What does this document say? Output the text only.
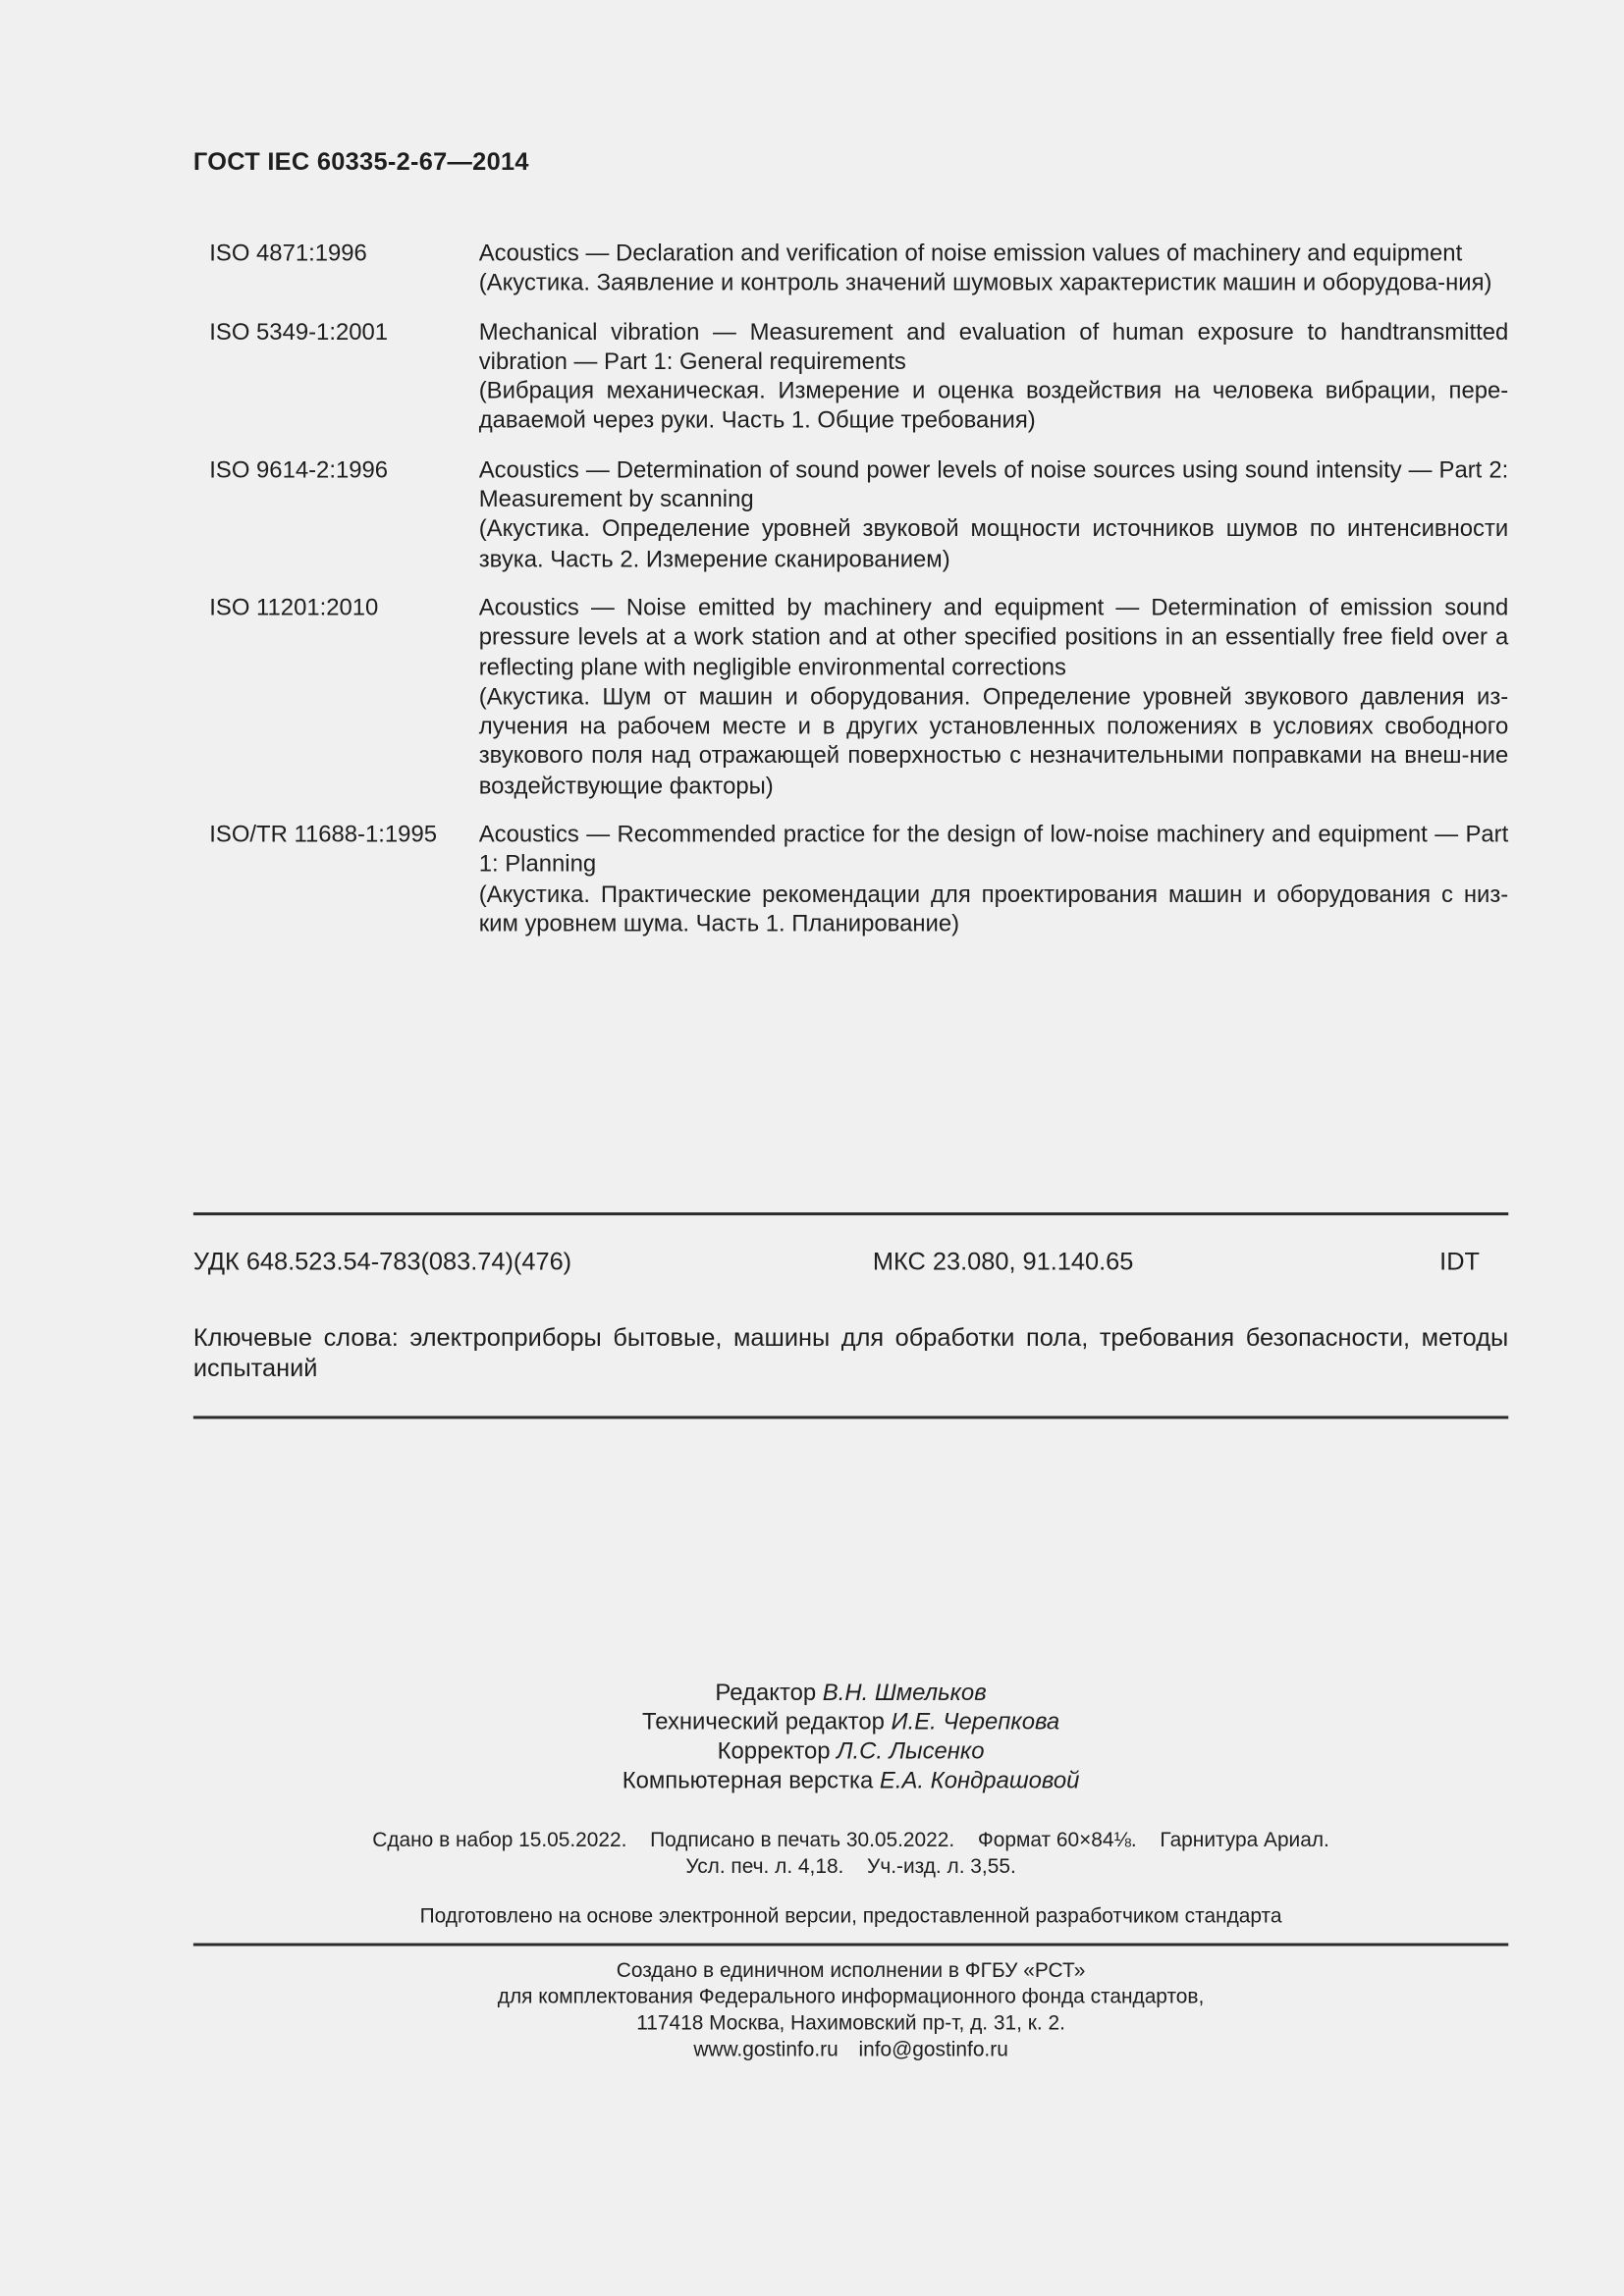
ГОСТ IEC 60335-2-67—2014
ISO 4871:1996	Acoustics — Declaration and verification of noise emission values of machinery and equipment

(Акустика. Заявление и контроль значений шумовых характеристик машин и оборудова-ния)

ISO 5349-1:2001	Mechanical vibration — Measurement and evaluation of human exposure to handtransmitted vibration — Part 1: General requirements

(Вибрация механическая. Измерение и оценка воздействия на человека вибрации, пере-даваемой через руки. Часть 1. Общие требования)

ISO 9614-2:1996	Acoustics — Determination of sound power levels of noise sources using sound intensity — Part 2: Measurement by scanning

(Акустика. Определение уровней звуковой мощности источников шумов по интенсивности звука. Часть 2. Измерение сканированием)

ISO 11201:2010	Acoustics — Noise emitted by machinery and equipment — Determination of emission sound pressure levels at a work station and at other specified positions in an essentially free field over a reflecting plane with negligible environmental corrections

(Акустика. Шум от машин и оборудования. Определение уровней звукового давления из-лучения на рабочем месте и в других установленных положениях в условиях свободного звукового поля над отражающей поверхностью с незначительными поправками на внеш-ние воздействующие факторы)

ISO/TR 11688-1:1995	Acoustics — Recommended practice for the design of low-noise machinery and equipment — Part 1: Planning

(Акустика. Практические рекомендации для проектирования машин и оборудования с низ-ким уровнем шума. Часть 1. Планирование)

УДК 648.523.54-783(083.74)(476)	МКС 23.080, 91.140.65	IDT
Ключевые слова: электроприборы бытовые, машины для обработки пола, требования безопасности, методы испытаний
Редактор В.Н. Шмельков
Технический редактор И.Е. Черепкова
Корректор Л.С. Лысенко
Компьютерная верстка Е.А. Кондрашовой
Сдано в набор 15.05.2022. Подписано в печать 30.05.2022. Формат 60×84⅛. Гарнитура Ариал.
Усл. печ. л. 4,18. Уч.-изд. л. 3,55.
Подготовлено на основе электронной версии, предоставленной разработчиком стандарта
Создано в единичном исполнении в ФГБУ «РСТ»
для комплектования Федерального информационного фонда стандартов,
117418 Москва, Нахимовский пр-т, д. 31, к. 2.
www.gostinfo.ru info@gostinfo.ru
